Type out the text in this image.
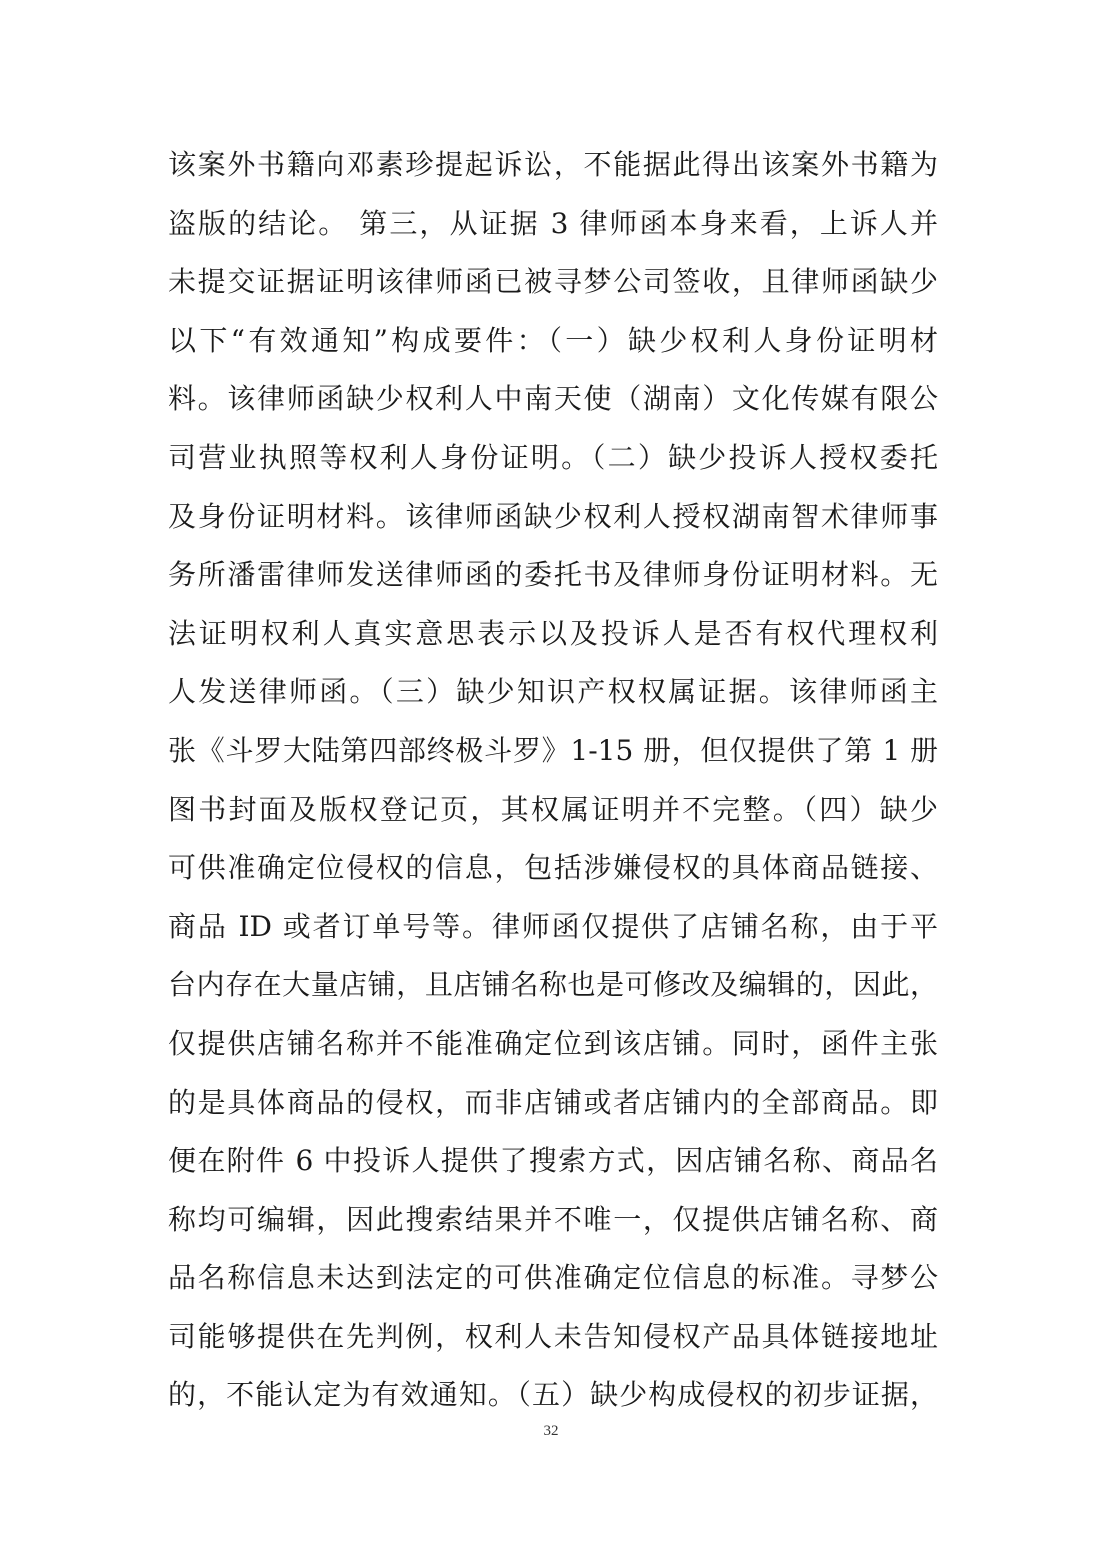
该案外书籍向邓素珍提起诉讼，不能据此得出该案外书籍为
盗版的结论。 第三，从证据 3 律师函本身来看，上诉人并
未提交证据证明该律师函已被寻梦公司签收，且律师函缺少
以下“有效通知”构成要件：（一）缺少权利人身份证明材
料。该律师函缺少权利人中南天使（湖南）文化传媒有限公
司营业执照等权利人身份证明。（二）缺少投诉人授权委托
及身份证明材料。该律师函缺少权利人授权湖南智术律师事
务所潘雷律师发送律师函的委托书及律师身份证明材料。无
法证明权利人真实意思表示以及投诉人是否有权代理权利
人发送律师函。（三）缺少知识产权权属证据。该律师函主
张《斗罗大陆第四部终极斗罗》1-15 册，但仅提供了第 1 册
图书封面及版权登记页，其权属证明并不完整。（四）缺少
可供准确定位侵权的信息，包括涉嫌侵权的具体商品链接、
商品 ID 或者订单号等。律师函仅提供了店铺名称，由于平
台内存在大量店铺，且店铺名称也是可修改及编辑的，因此，
仅提供店铺名称并不能准确定位到该店铺。同时，函件主张
的是具体商品的侵权，而非店铺或者店铺内的全部商品。即
便在附件 6 中投诉人提供了搜索方式，因店铺名称、商品名
称均可编辑，因此搜索结果并不唯一，仅提供店铺名称、商
品名称信息未达到法定的可供准确定位信息的标准。寻梦公
司能够提供在先判例，权利人未告知侵权产品具体链接地址
的，不能认定为有效通知。（五）缺少构成侵权的初步证据，
32
